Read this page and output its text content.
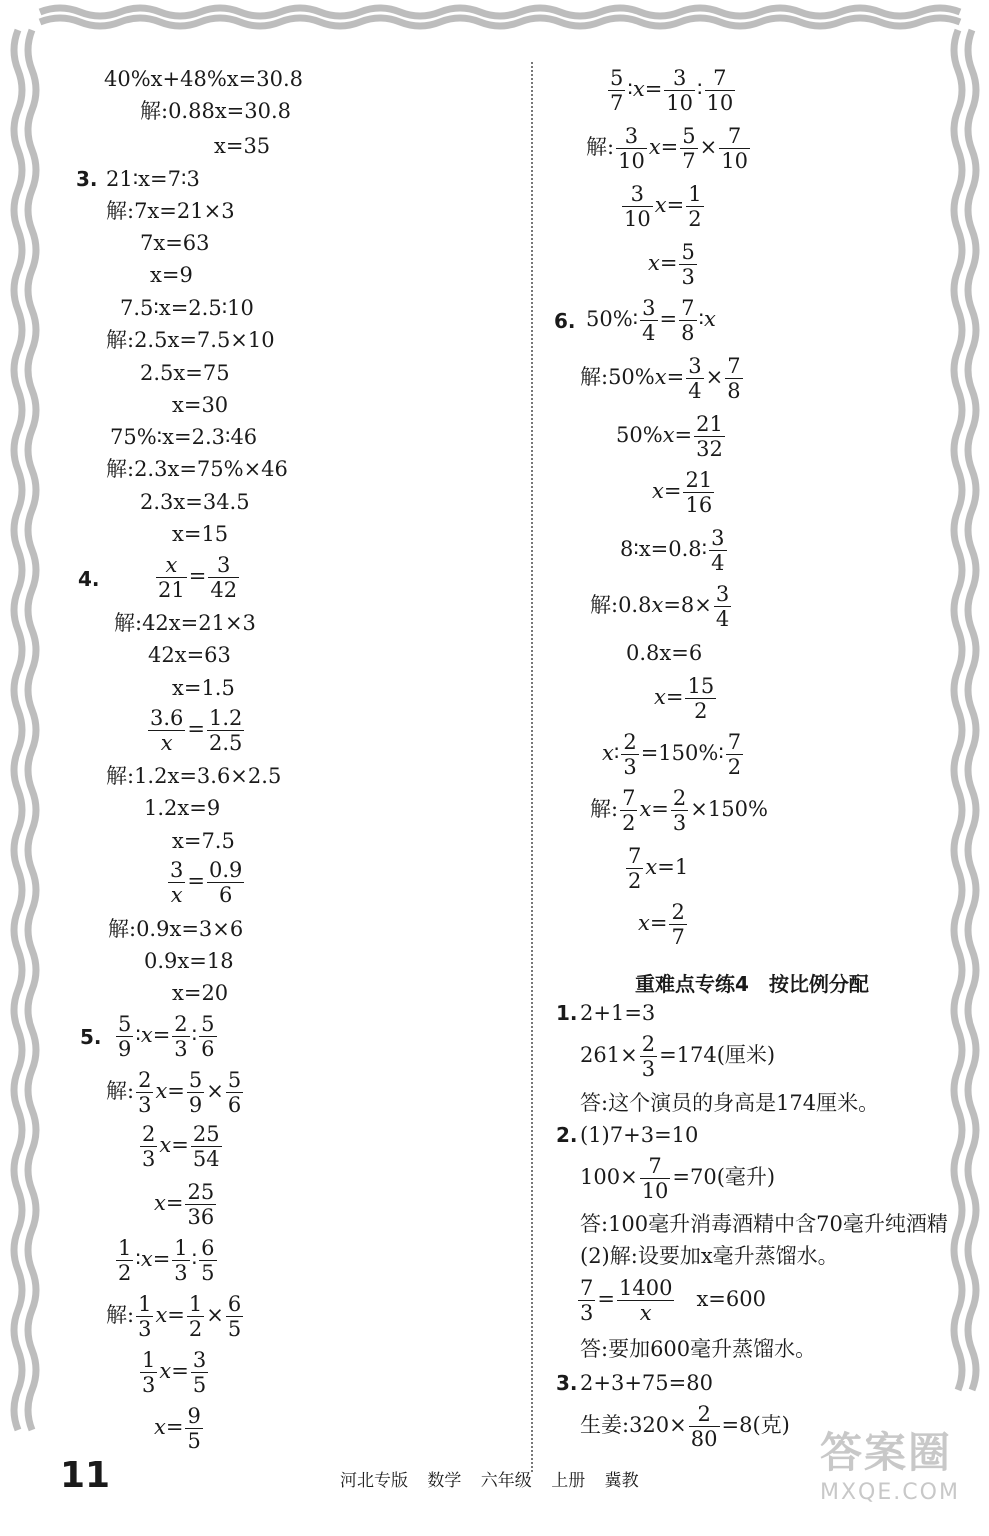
40%x+48%x=30.8
解:0.88x=30.8
x=35
3. 21∶x=7∶3
解:7x=21×3
7x=63
x=9
7.5∶x=2.5∶10
解:2.5x=7.5×10
2.5x=75
x=30
75%∶x=2.3∶46
解:2.3x=75%×46
2.3x=34.5
x=15
4.	$\frac{x}{21} = \frac{3}{42}$
解:42x=21×3
42x=63
x=1.5
$\frac{3.6}{x} = \frac{1.2}{2.5}$
解:1.2x=3.6×2.5
1.2x=9
x=7.5
$\frac{3}{x} = \frac{0.9}{6}$
解:0.9x=3×6
0.9x=18
x=20
5. $\frac{5}{9}$ ∶x= $\frac{2}{3}$ ∶ $\frac{5}{6}$
解: $\frac{2}{3} x= \frac{5}{9} \times \frac{5}{6}$
$\frac{2}{3} x= \frac{25}{54}$
$x= \frac{25}{36}$
$\frac{1}{2}$ ∶x= $\frac{1}{3}$ ∶ $\frac{6}{5}$
解: $\frac{1}{3} x= \frac{1}{2} \times \frac{6}{5}$
$\frac{1}{3} x= \frac{3}{5}$
$x= \frac{9}{5}$
$\frac{5}{7}$ ∶x= $\frac{3}{10}$ ∶ $\frac{7}{10}$
解: $\frac{3}{10} x= \frac{5}{7} \times \frac{7}{10}$
$\frac{3}{10} x= \frac{1}{2}$
$x= \frac{5}{3}$
6. 50%∶ $\frac{3}{4} = \frac{7}{8}$ ∶x
解:50%x= $\frac{3}{4} \times \frac{7}{8}$
$50\%x= \frac{21}{32}$
$x= \frac{21}{16}$
8∶x=0.8∶ $\frac{3}{4}$
解:0.8x=8× $\frac{3}{4}$
0.8x=6
$x= \frac{15}{2}$
x∶ $\frac{2}{3}$ =150%∶ $\frac{7}{2}$
解: $\frac{7}{2} x= \frac{2}{3} \times 150\%$
$\frac{7}{2} x=1$
$x= \frac{2}{7}$
重难点专练4　按比例分配
1. 2+1=3
$261\times \frac{2}{3} =174$(厘米)
答:这个演员的身高是174厘米。
2. (1)7+3=10
$100\times \frac{7}{10} =70$(毫升)
答:100毫升消毒酒精中含70毫升纯酒精
(2)解:设要加x毫升蒸馏水。
$\frac{7}{3} = \frac{1400}{x} x=600$
答:要加600毫升蒸馏水。
3. 2+3+75=80
生姜:320× $\frac{2}{80} =8$(克)
11	河北专版 数学 六年级 上册 冀教
答案圈
MXQE.COM
